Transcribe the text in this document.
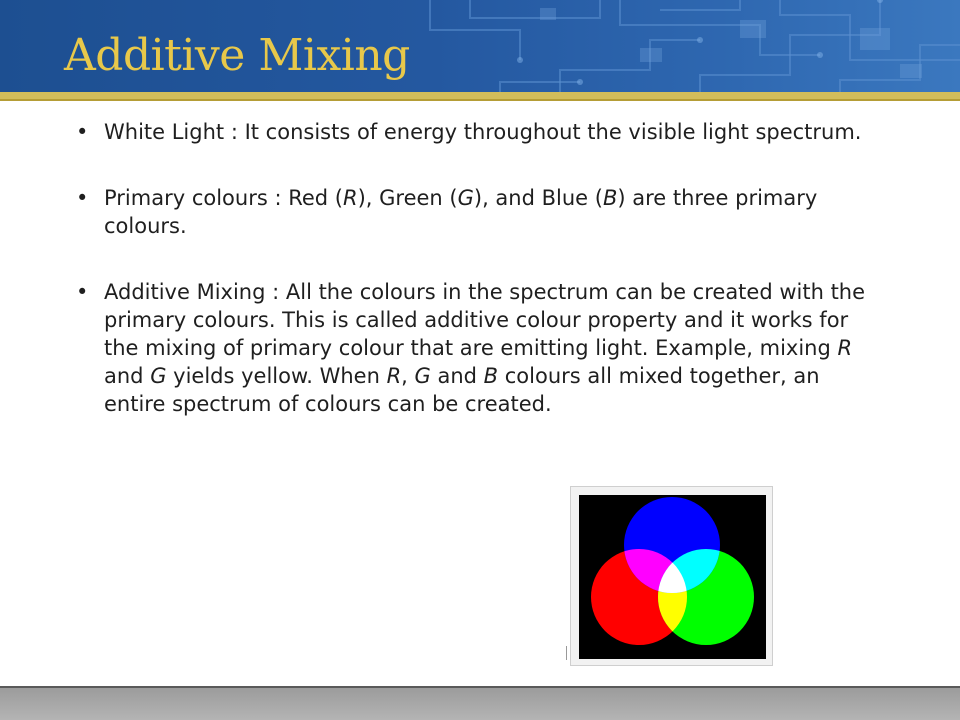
Additive Mixing
• White Light : It consists of energy throughout the visible light spectrum.
• Primary colours : Red (R), Green (G), and Blue (B) are three primary colours.
• Additive Mixing : All the colours in the spectrum can be created with the primary colours. This is called additive colour property and it works for the mixing of primary colour that are emitting light. Example, mixing R and G yields yellow. When R, G and B colours all mixed together, an entire spectrum of colours can be created.
